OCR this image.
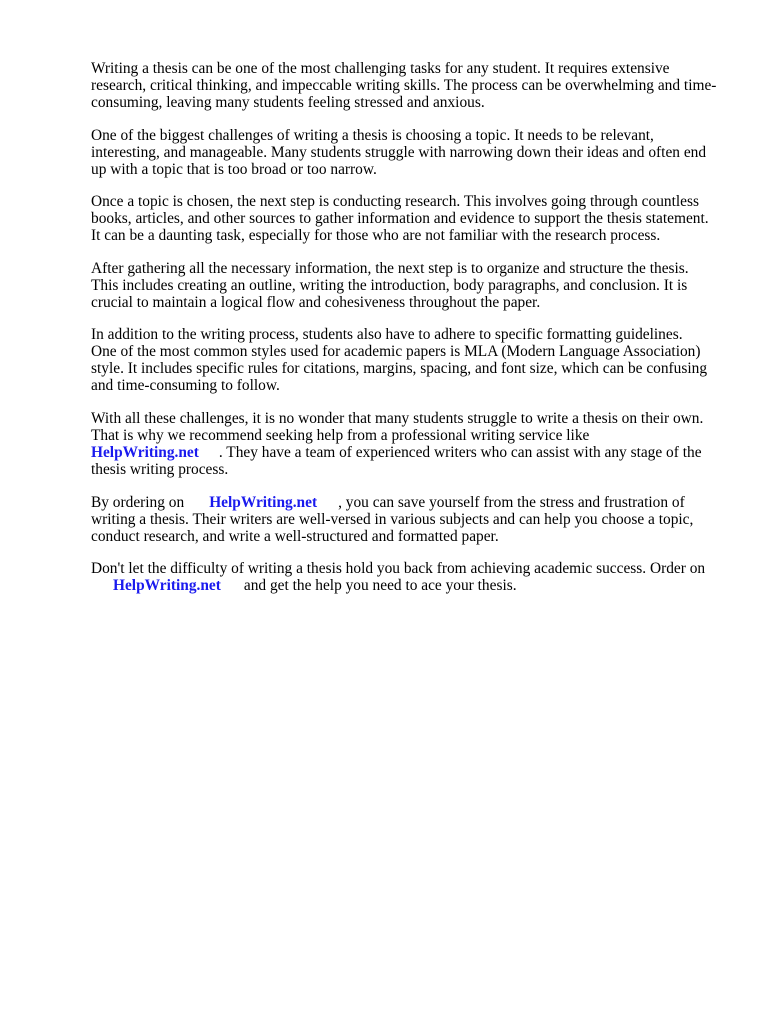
Writing a thesis can be one of the most challenging tasks for any student. It requires extensive
research, critical thinking, and impeccable writing skills. The process can be overwhelming and time-
consuming, leaving many students feeling stressed and anxious.
One of the biggest challenges of writing a thesis is choosing a topic. It needs to be relevant,
interesting, and manageable. Many students struggle with narrowing down their ideas and often end
up with a topic that is too broad or too narrow.
Once a topic is chosen, the next step is conducting research. This involves going through countless
books, articles, and other sources to gather information and evidence to support the thesis statement.
It can be a daunting task, especially for those who are not familiar with the research process.
After gathering all the necessary information, the next step is to organize and structure the thesis.
This includes creating an outline, writing the introduction, body paragraphs, and conclusion. It is
crucial to maintain a logical flow and cohesiveness throughout the paper.
In addition to the writing process, students also have to adhere to specific formatting guidelines.
One of the most common styles used for academic papers is MLA (Modern Language Association)
style. It includes specific rules for citations, margins, spacing, and font size, which can be confusing
and time-consuming to follow.
With all these challenges, it is no wonder that many students struggle to write a thesis on their own.
That is why we recommend seeking help from a professional writing service like
HelpWriting.net . They have a team of experienced writers who can assist with any stage of the
thesis writing process.
By ordering on HelpWriting.net , you can save yourself from the stress and frustration of
writing a thesis. Their writers are well-versed in various subjects and can help you choose a topic,
conduct research, and write a well-structured and formatted paper.
Don't let the difficulty of writing a thesis hold you back from achieving academic success. Order on
HelpWriting.net and get the help you need to ace your thesis.
